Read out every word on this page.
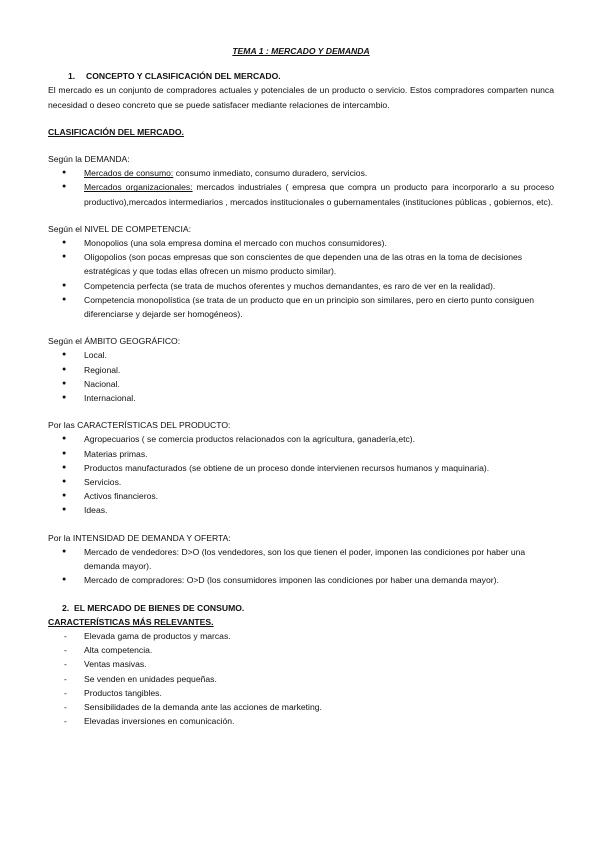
TEMA 1 : MERCADO Y DEMANDA
1. CONCEPTO Y CLASIFICACIÓN DEL MERCADO.
El mercado es un conjunto de compradores actuales y potenciales de un producto o servicio. Estos compradores comparten nunca necesidad o deseo concreto que se puede satisfacer mediante relaciones de intercambio.
CLASIFICACIÓN DEL MERCADO.
Según la DEMANDA:
● Mercados de consumo: consumo inmediato, consumo duradero, servicios.
● Mercados organizacionales: mercados industriales ( empresa que compra un producto para incorporarlo a su proceso productivo),mercados intermediarios , mercados institucionales o gubernamentales (instituciones públicas , gobiernos, etc).
Según el NIVEL DE COMPETENCIA:
● Monopolios (una sola empresa domina el mercado con muchos consumidores).
● Oligopolios (son pocas empresas que son conscientes de que dependen una de las otras en la toma de decisiones estratégicas y que todas ellas ofrecen un mismo producto similar).
● Competencia perfecta (se trata de muchos oferentes y muchos demandantes, es raro de ver en la realidad).
● Competencia monopolística (se trata de un producto que en un principio son similares, pero en cierto punto consiguen diferenciarse y dejarde ser homogéneos).
Según el ÁMBITO GEOGRÁFICO:
● Local.
● Regional.
● Nacional.
● Internacional.
Por las CARACTERÍSTICAS DEL PRODUCTO:
● Agropecuarios ( se comercia productos relacionados con la agricultura, ganadería,etc).
● Materias primas.
● Productos manufacturados (se obtiene de un proceso donde intervienen recursos humanos y maquinaria).
● Servicios.
● Activos financieros.
● Ideas.
Por la INTENSIDAD DE DEMANDA Y OFERTA:
● Mercado de vendedores: D>O (los vendedores, son los que tienen el poder, imponen las condiciones por haber una demanda mayor).
● Mercado de compradores: O>D (los consumidores imponen las condiciones por haber una demanda mayor).
2. EL MERCADO DE BIENES DE CONSUMO.
CARACTERÍSTICAS MÁS RELEVANTES.
- Elevada gama de productos y marcas.
- Alta competencia.
- Ventas masivas.
- Se venden en unidades pequeñas.
- Productos tangibles.
- Sensibilidades de la demanda ante las acciones de marketing.
- Elevadas inversiones en comunicación.
